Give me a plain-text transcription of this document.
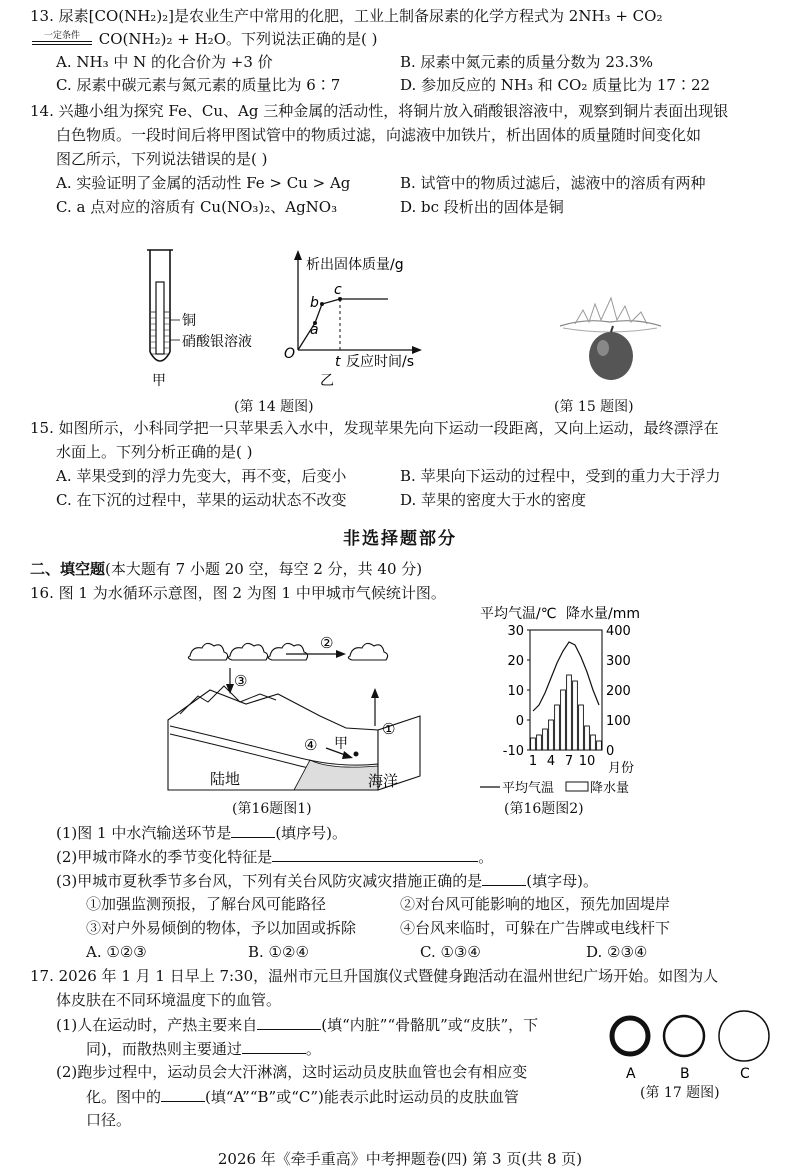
13. 尿素[CO(NH₂)₂]是农业生产中常用的化肥，工业上制备尿素的化学方程式为 2NH₃ + CO₂
一定条件	CO(NH₂)₂ + H₂O。下列说法正确的是( )
A. NH₃ 中 N 的化合价为 +3 价	B. 尿素中氮元素的质量分数为 23.3%
C. 尿素中碳元素与氮元素的质量比为 6∶7	D. 参加反应的 NH₃ 和 CO₂ 质量比为 17∶22
14. 兴趣小组为探究 Fe、Cu、Ag 三种金属的活动性，将铜片放入硝酸银溶液中，观察到铜片表面出现银
白色物质。一段时间后将甲图试管中的物质过滤，向滤液中加铁片，析出固体的质量随时间变化如
图乙所示，下列说法错误的是( )
A. 实验证明了金属的活动性 Fe > Cu > Ag	B. 试管中的物质过滤后，滤液中的溶质有两种
C. a 点对应的溶质有 Cu(NO₃)₂、AgNO₃	D. bc 段析出的固体是铜
铜
硝酸银溶液
甲
析出固体质量/g
O	t 反应时间/s
乙
a
b
c
(第 14 题图)	(第 15 题图)
15. 如图所示，小科同学把一只苹果丢入水中，发现苹果先向下运动一段距离，又向上运动，最终漂浮在
水面上。下列分析正确的是( )
A. 苹果受到的浮力先变大，再不变，后变小	B. 苹果向下运动的过程中，受到的重力大于浮力
C. 在下沉的过程中，苹果的运动状态不改变	D. 苹果的密度大于水的密度
非选择题部分
二、填空题(本大题有 7 小题 20 空，每空 2 分，共 40 分)
16. 图 1 为水循环示意图，图 2 为图 1 中甲城市气候统计图。
②
③
①
④ 甲
陆地	海洋
(第16题图1)
平均气温/℃ 降水量/mm
30
20
10
0
-10
400
300
200
100
0
1 4 7 10 月份
平均气温	降水量
(第16题图2)
(1)图 1 中水汽输送环节是	(填序号)。
(2)甲城市降水的季节变化特征是	。
(3)甲城市夏秋季节多台风，下列有关台风防灾减灾措施正确的是	(填字母)。
①加强监测预报，了解台风可能路径	②对台风可能影响的地区，预先加固堤岸
③对户外易倾倒的物体，予以加固或拆除	④台风来临时，可躲在广告牌或电线杆下
A. ①②③	B. ①②④	C. ①③④	D. ②③④
17. 2026 年 1 月 1 日早上 7:30，温州市元旦升国旗仪式暨健身跑活动在温州世纪广场开始。如图为人
体皮肤在不同环境温度下的血管。
(1)人在运动时，产热主要来自	(填“内脏”“骨骼肌”或“皮肤”，下
同)，而散热则主要通过	。
(2)跑步过程中，运动员会大汗淋漓，这时运动员皮肤血管也会有相应变
化。图中的	(填“A”“B”或“C”)能表示此时运动员的皮肤血管
口径。
A	B	C
(第 17 题图)
2026 年《牵手重高》中考押题卷(四) 第 3 页(共 8 页)
